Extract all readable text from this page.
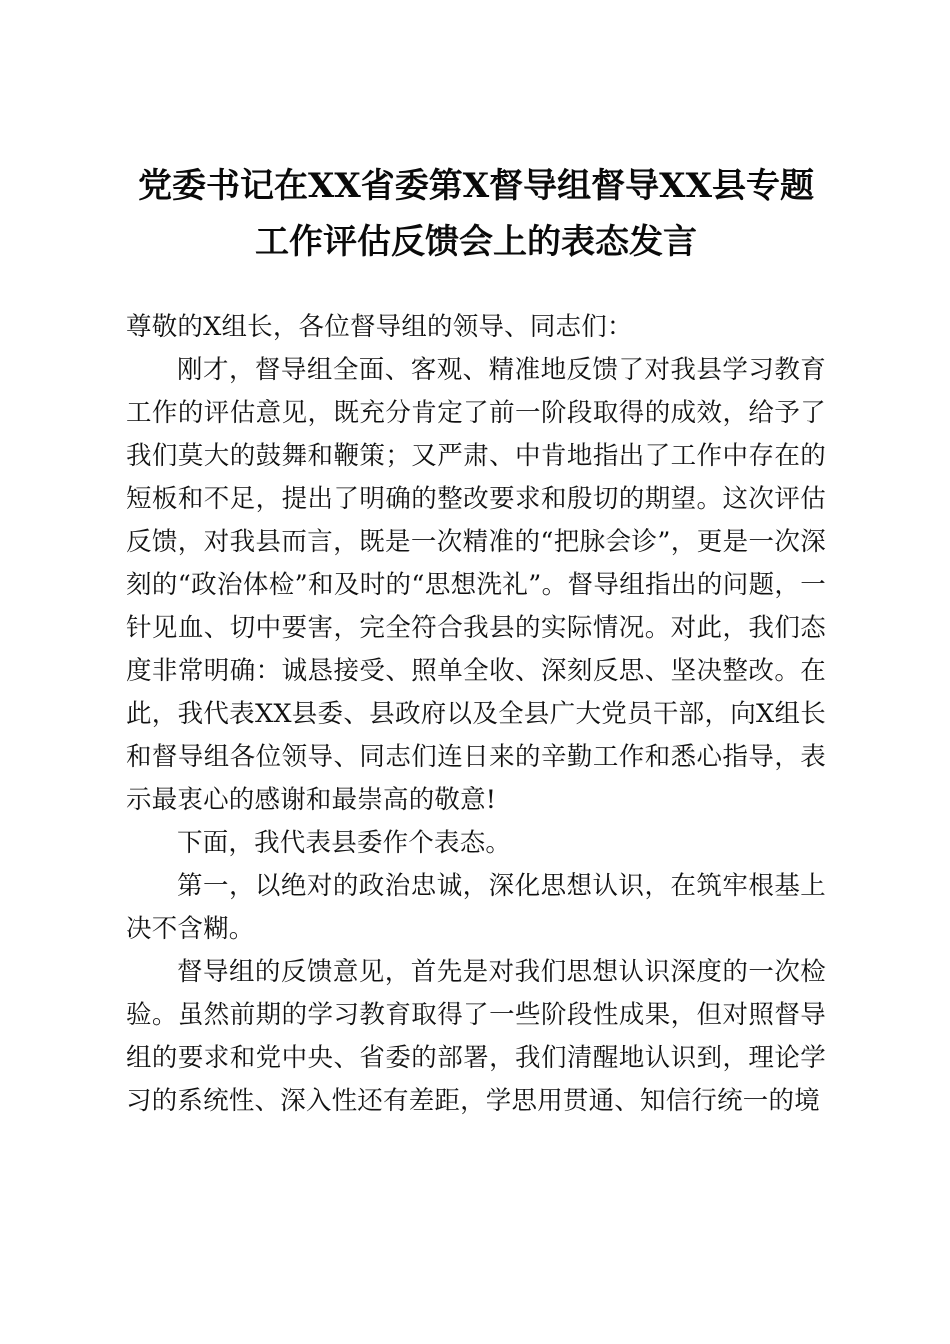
党委书记在XX省委第X督导组督导XX县专题工作评估反馈会上的表态发言

尊敬的X组长，各位督导组的领导、同志们：

刚才，督导组全面、客观、精准地反馈了对我县学习教育工作的评估意见，既充分肯定了前一阶段取得的成效，给予了我们莫大的鼓舞和鞭策；又严肃、中肯地指出了工作中存在的短板和不足，提出了明确的整改要求和殷切的期望。这次评估反馈，对我县而言，既是一次精准的“把脉会诊”，更是一次深刻的“政治体检”和及时的“思想洗礼”。督导组指出的问题，一针见血、切中要害，完全符合我县的实际情况。对此，我们态度非常明确：诚恳接受、照单全收、深刻反思、坚决整改。在此，我代表XX县委、县政府以及全县广大党员干部，向X组长和督导组各位领导、同志们连日来的辛勤工作和悉心指导，表示最衷心的感谢和最崇高的敬意!

下面，我代表县委作个表态。

第一，以绝对的政治忠诚，深化思想认识，在筑牢根基上决不含糊。

督导组的反馈意见，首先是对我们思想认识深度的一次检验。虽然前期的学习教育取得了一些阶段性成果，但对照督导组的要求和党中央、省委的部署，我们清醒地认识到，理论学习的系统性、深入性还有差距，学思用贯通、知信行统一的境
